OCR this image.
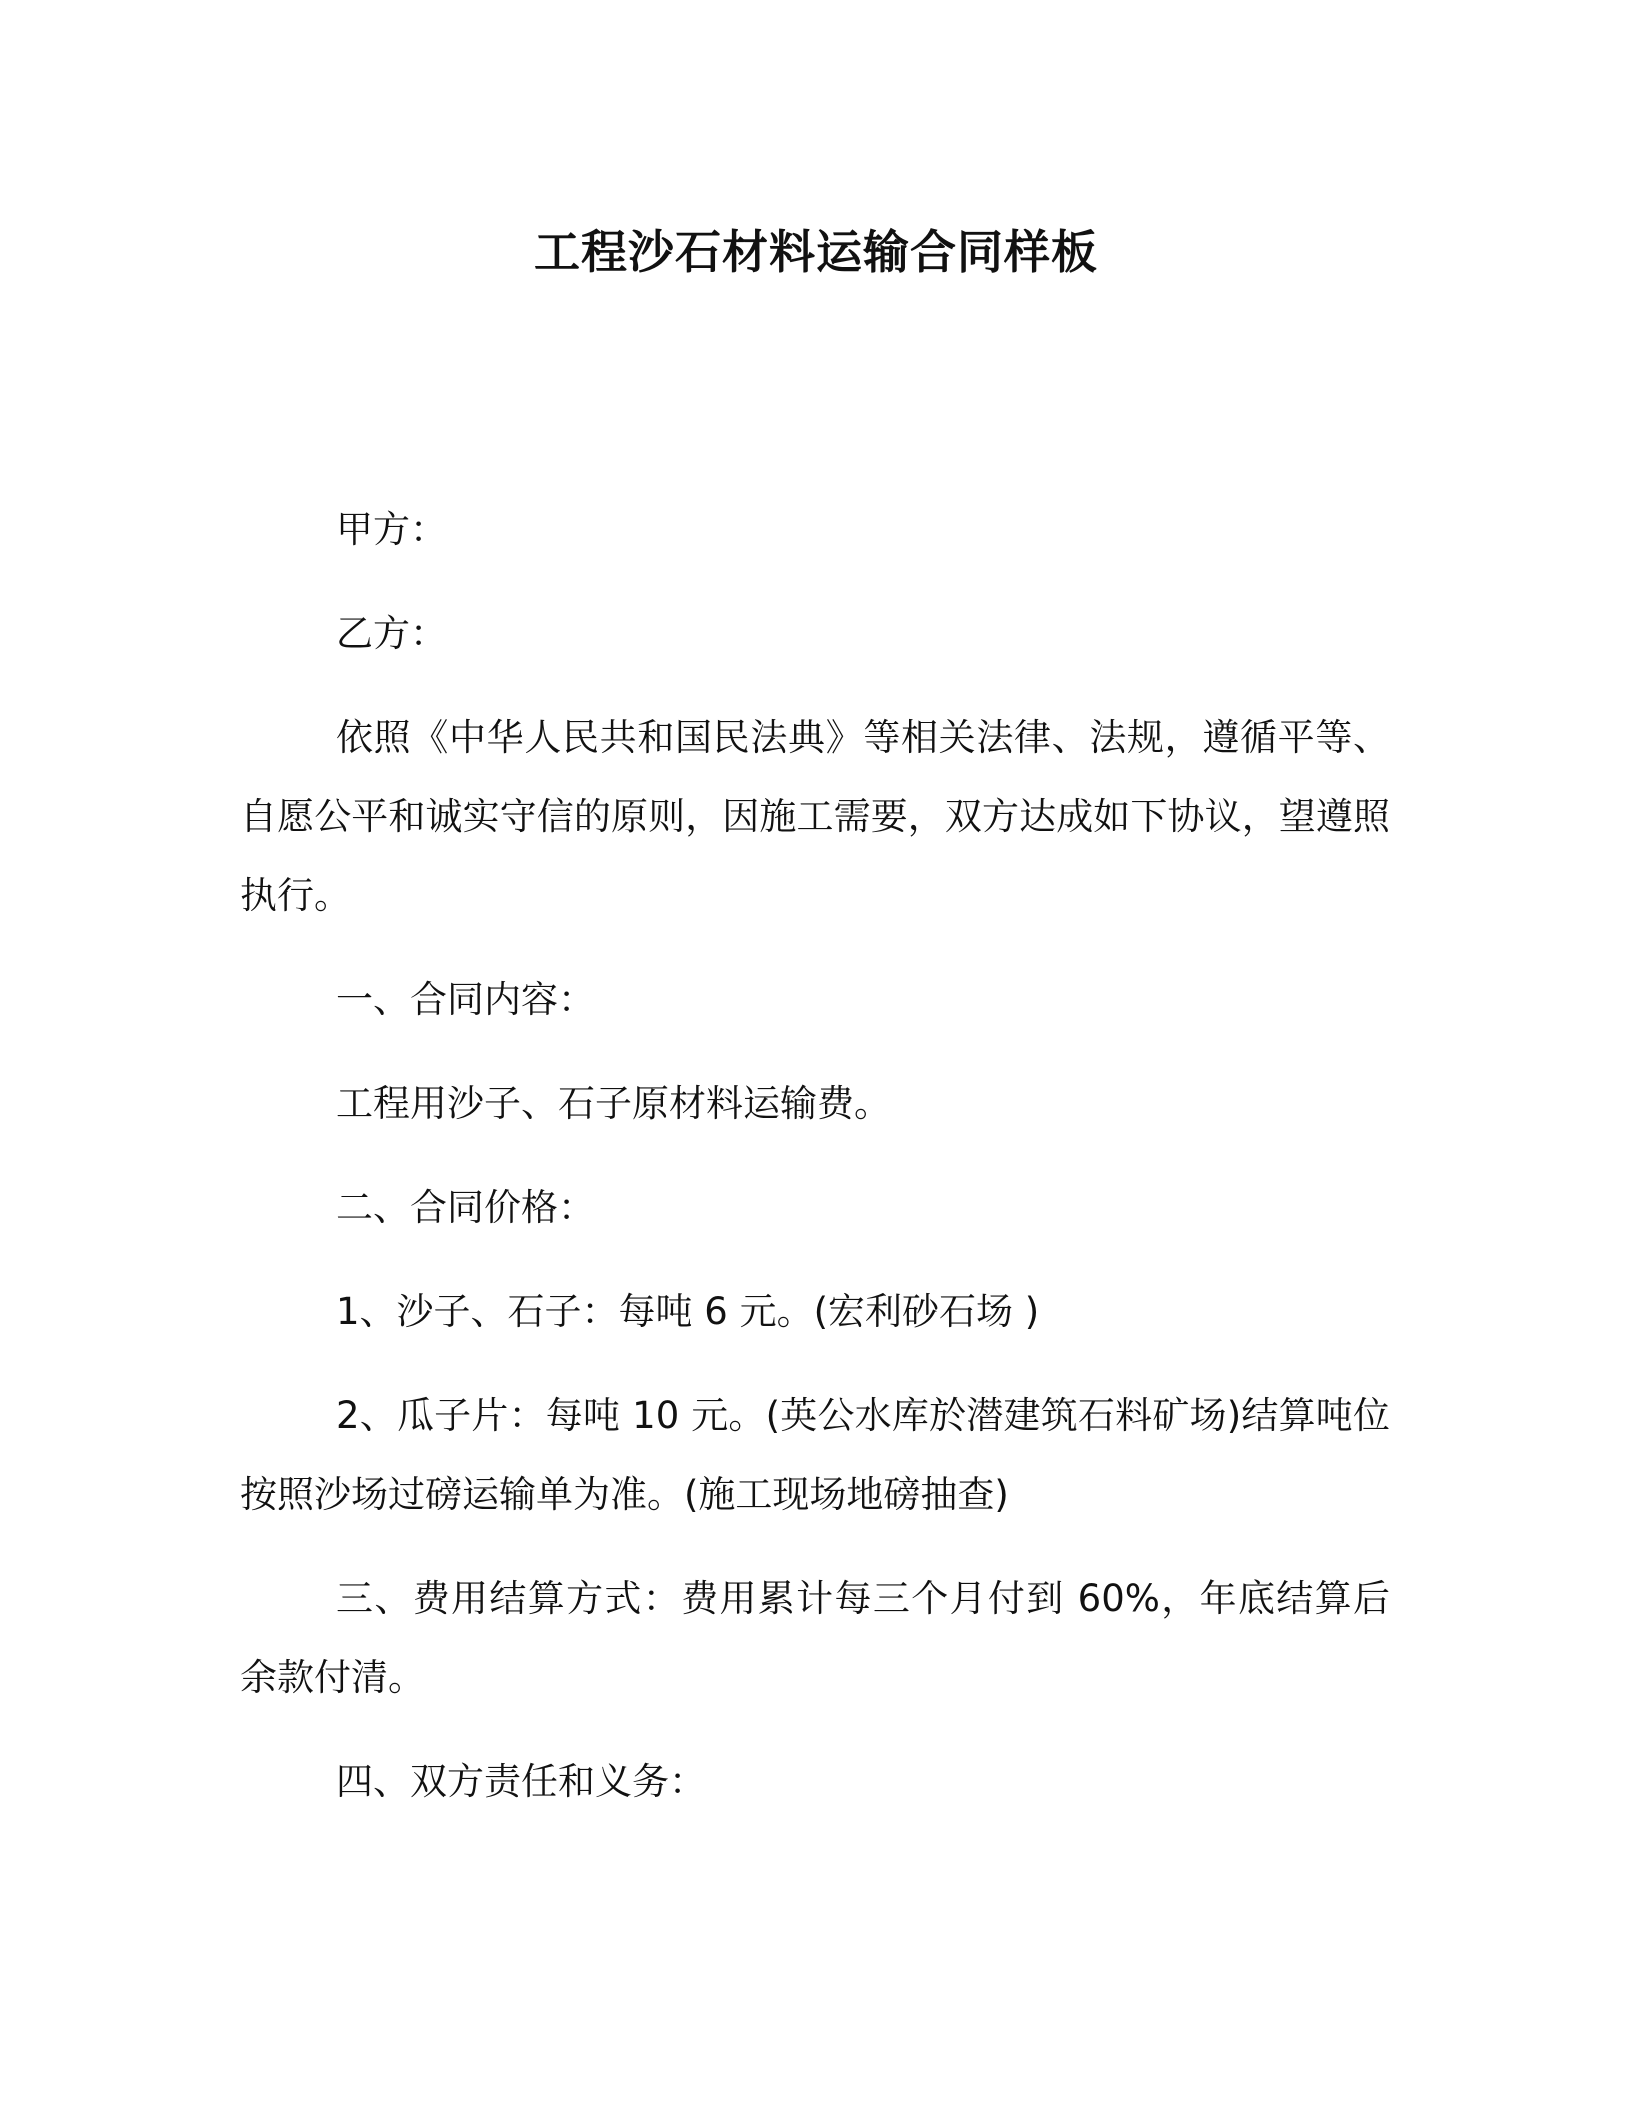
工程沙石材料运输合同样板

甲方：

乙方：

依照《中华人民共和国民法典》等相关法律、法规，遵循平等、自愿公平和诚实守信的原则，因施工需要，双方达成如下协议，望遵照执行。

一、合同内容：

工程用沙子、石子原材料运输费。

二、合同价格：

1、沙子、石子：每吨 6 元。(宏利砂石场 )

2、瓜子片：每吨 10 元。(英公水库於潜建筑石料矿场)结算吨位按照沙场过磅运输单为准。(施工现场地磅抽查)

三、费用结算方式：费用累计每三个月付到 60%，年底结算后余款付清。

四、双方责任和义务：
